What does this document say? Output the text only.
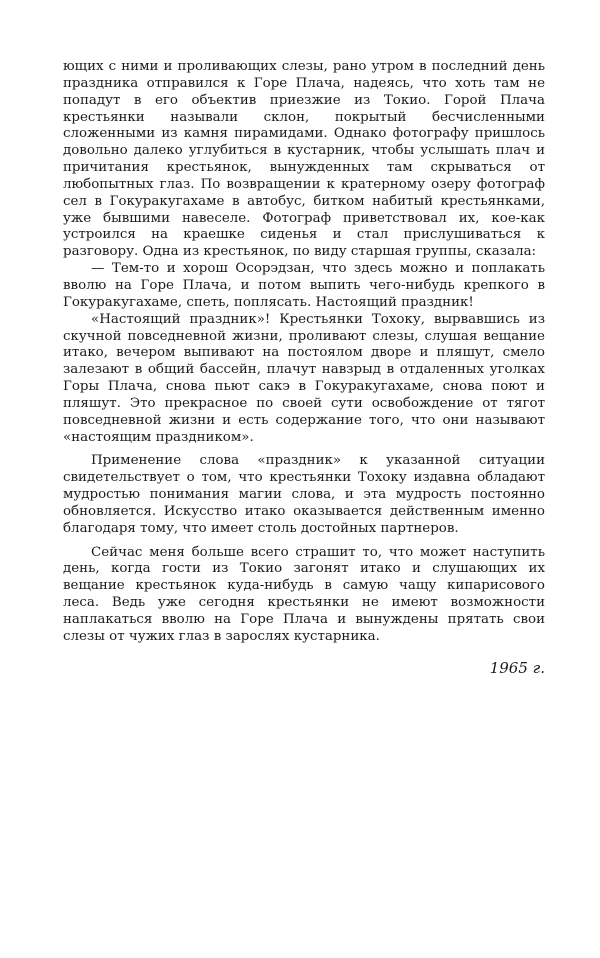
ющих с ними и проливающих слезы, рано утром в последний день праздника отправился к Горе Плача, надеясь, что хоть там не попадут в его объектив приезжие из Токио. Горой Плача крестьянки называли склон, покрытый бесчисленными сложенными из камня пирамидами. Однако фотографу пришлось довольно далеко углубиться в кустарник, чтобы услышать плач и причитания крестьянок, вынужденных там скрываться от любопытных глаз. По возвращении к кратерному озеру фотограф сел в Гокуракугахаме в автобус, битком набитый крестьянками, уже бывшими навеселе. Фотограф приветствовал их, кое-как устроился на краешке сиденья и стал прислушиваться к разговору. Одна из крестьянок, по виду старшая группы, сказала:

— Тем-то и хорош Осорэдзан, что здесь можно и поплакать вволю на Горе Плача, и потом выпить чего-нибудь крепкого в Гокуракугахаме, спеть, поплясать. Настоящий праздник!

«Настоящий праздник»! Крестьянки Тохоку, вырвавшись из скучной повседневной жизни, проливают слезы, слушая вещание итако, вечером выпивают на постоялом дворе и пляшут, смело залезают в общий бассейн, плачут навзрыд в отдаленных уголках Горы Плача, снова пьют сакэ в Гокуракугахаме, снова поют и пляшут. Это прекрасное по своей сути освобождение от тягот повседневной жизни и есть содержание того, что они называют «настоящим праздником».

Применение слова «праздник» к указанной ситуации свидетельствует о том, что крестьянки Тохоку издавна обладают мудростью понимания магии слова, и эта мудрость постоянно обновляется. Искусство итако оказывается действенным именно благодаря тому, что имеет столь достойных партнеров.

Сейчас меня больше всего страшит то, что может наступить день, когда гости из Токио загонят итако и слушающих их вещание крестьянок куда-нибудь в самую чащу кипарисового леса. Ведь уже сегодня крестьянки не имеют возможности наплакаться вволю на Горе Плача и вынуждены прятать свои слезы от чужих глаз в зарослях кустарника.

1965 г.
